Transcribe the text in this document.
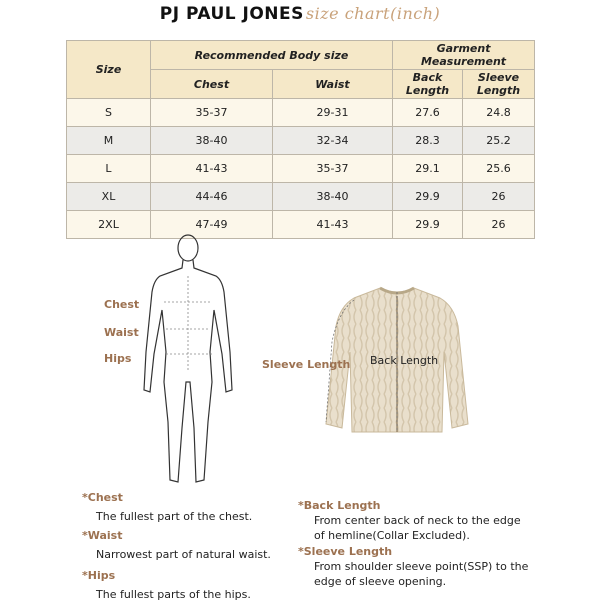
PJ PAUL JONES size chart(inch)
Size	Recommended Body size		Garment Measurement	
	Chest	Waist	Back Length	Sleeve Length
S	35-37	29-31	27.6	24.8
M	38-40	32-34	28.3	25.2
L	41-43	35-37	29.1	25.6
XL	44-46	38-40	29.9	26
2XL	47-49	41-43	29.9	26
Chest
Waist
Hips	Sleeve Length Back Length
*Chest
The fullest part of the chest.
*Waist
Narrowest part of natural waist.
*Hips
The fullest parts of the hips.
*Back Length
From center back of neck to the edge
of hemline(Collar Excluded).
*Sleeve Length
From shoulder sleeve point(SSP) to the
edge of sleeve opening.
